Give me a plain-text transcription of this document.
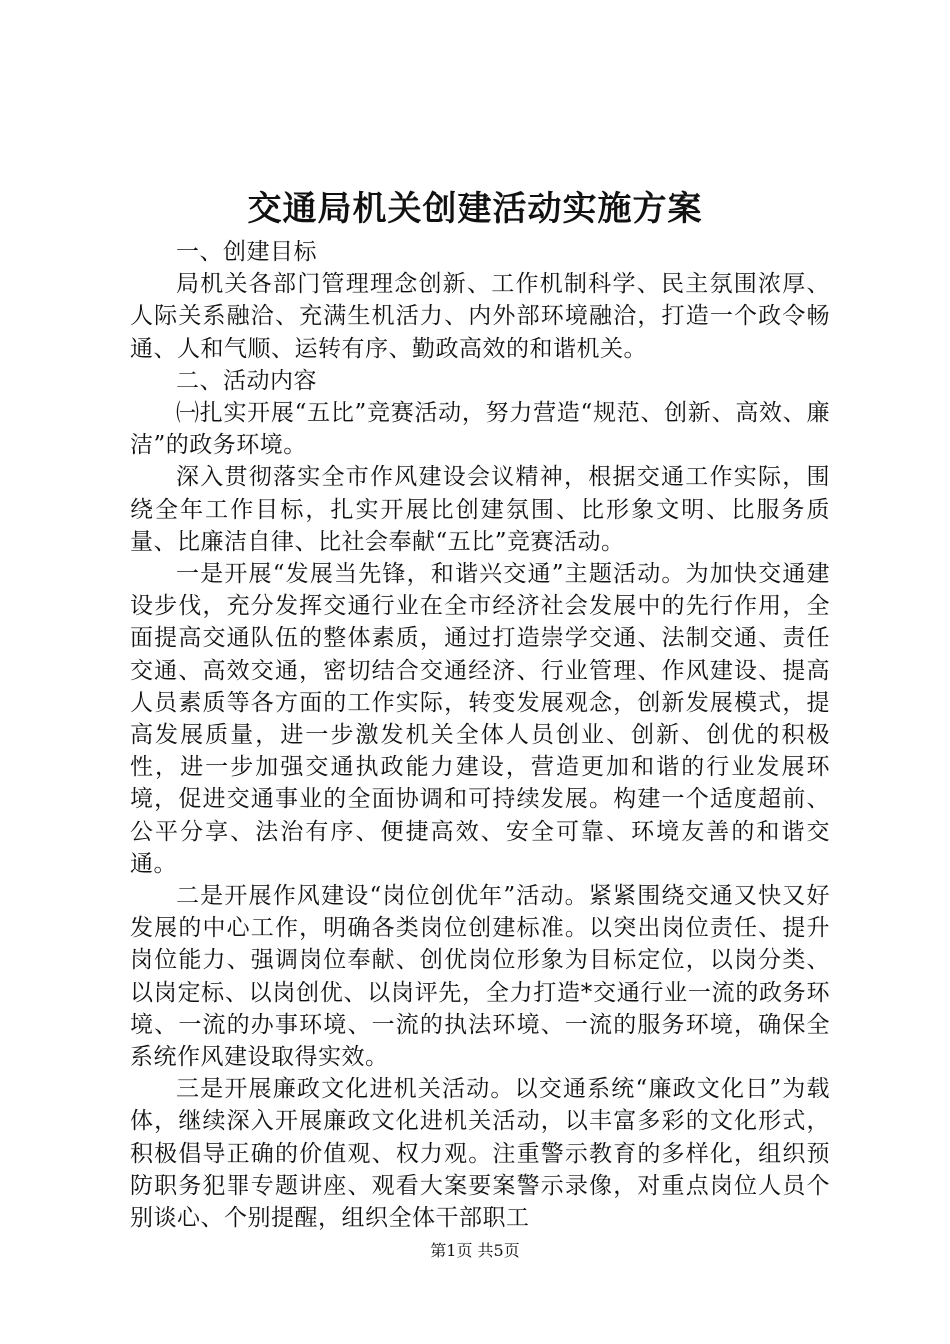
交通局机关创建活动实施方案

一、创建目标

局机关各部门管理理念创新、工作机制科学、民主氛围浓厚、人际关系融洽、充满生机活力、内外部环境融洽，打造一个政令畅通、人和气顺、运转有序、勤政高效的和谐机关。

二、活动内容

㈠扎实开展“五比”竞赛活动，努力营造“规范、创新、高效、廉洁”的政务环境。

深入贯彻落实全市作风建设会议精神，根据交通工作实际，围绕全年工作目标，扎实开展比创建氛围、比形象文明、比服务质量、比廉洁自律、比社会奉献“五比”竞赛活动。

一是开展“发展当先锋，和谐兴交通”主题活动。为加快交通建设步伐，充分发挥交通行业在全市经济社会发展中的先行作用，全面提高交通队伍的整体素质，通过打造崇学交通、法制交通、责任交通、高效交通，密切结合交通经济、行业管理、作风建设、提高人员素质等各方面的工作实际，转变发展观念，创新发展模式，提高发展质量，进一步激发机关全体人员创业、创新、创优的积极性，进一步加强交通执政能力建设，营造更加和谐的行业发展环境，促进交通事业的全面协调和可持续发展。构建一个适度超前、公平分享、法治有序、便捷高效、安全可靠、环境友善的和谐交通。

二是开展作风建设“岗位创优年”活动。紧紧围绕交通又快又好发展的中心工作，明确各类岗位创建标准。以突出岗位责任、提升岗位能力、强调岗位奉献、创优岗位形象为目标定位，以岗分类、以岗定标、以岗创优、以岗评先，全力打造*交通行业一流的政务环境、一流的办事环境、一流的执法环境、一流的服务环境，确保全系统作风建设取得实效。

三是开展廉政文化进机关活动。以交通系统“廉政文化日”为载体，继续深入开展廉政文化进机关活动，以丰富多彩的文化形式，积极倡导正确的价值观、权力观。注重警示教育的多样化，组织预防职务犯罪专题讲座、观看大案要案警示录像，对重点岗位人员个别谈心、个别提醒，组织全体干部职工

第1页 共5页
